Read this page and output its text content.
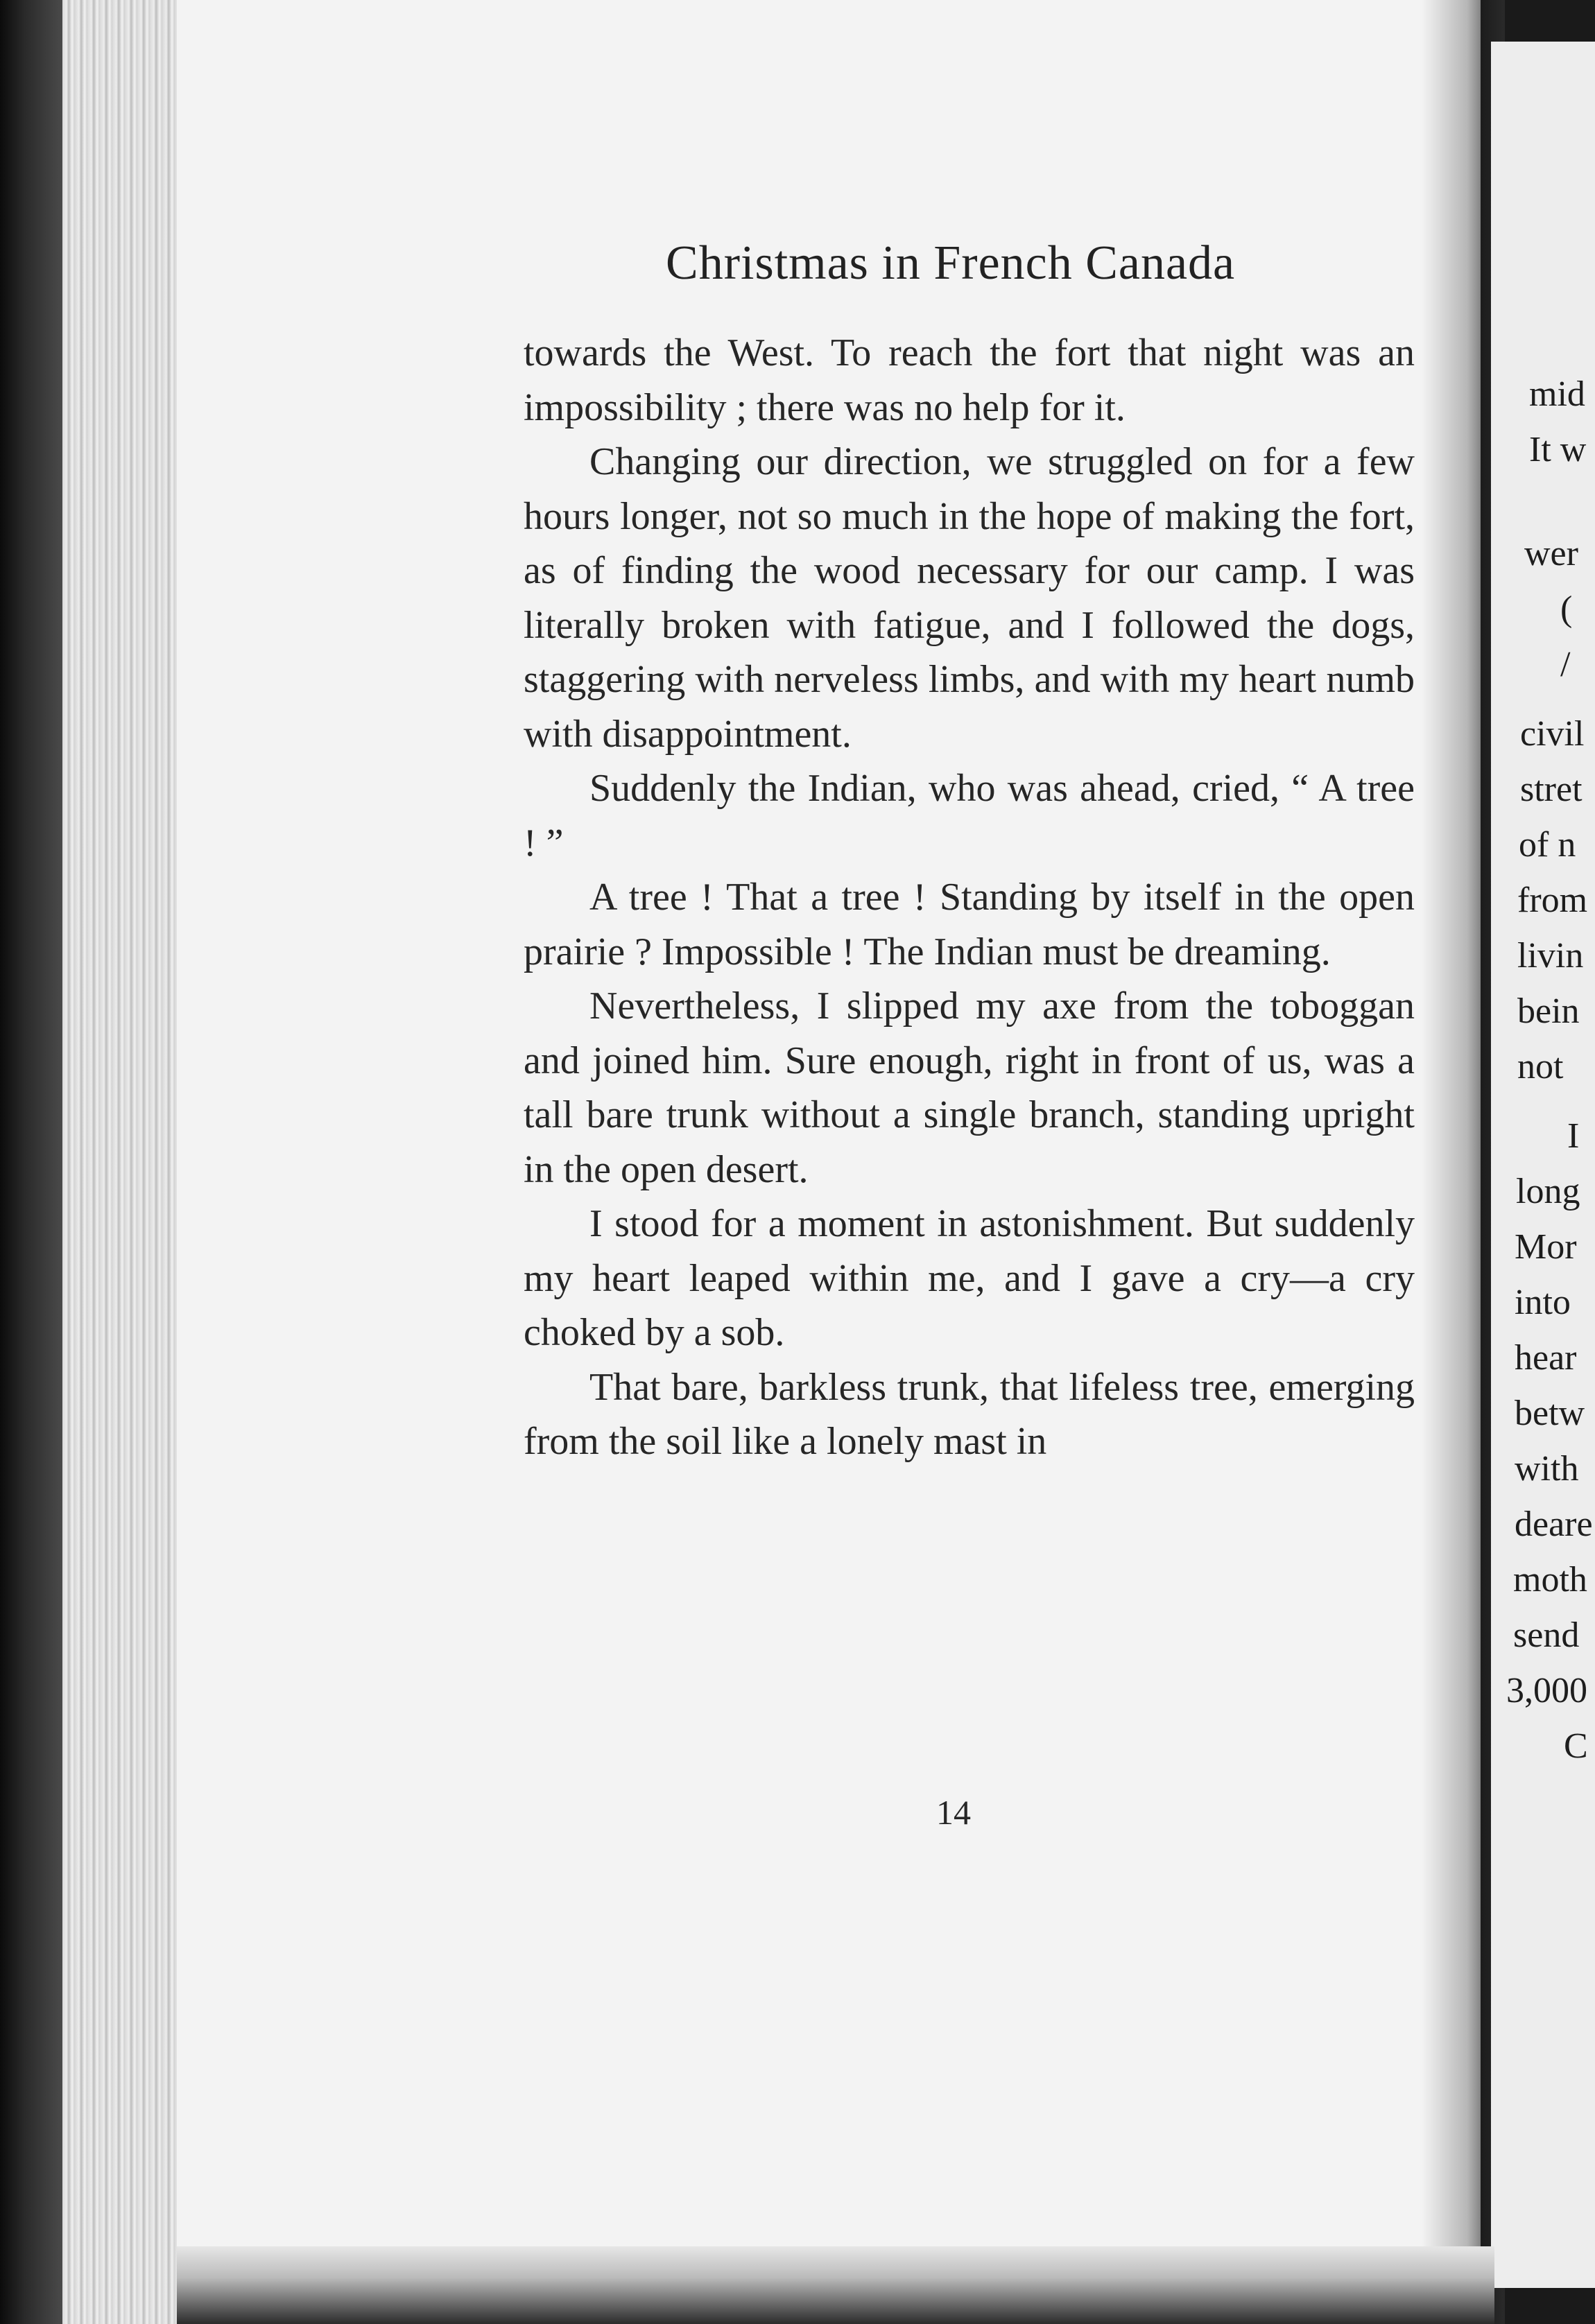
Christmas in French Canada

towards the West. To reach the fort that night was an impossibility ; there was no help for it.

Changing our direction, we struggled on for a few hours longer, not so much in the hope of making the fort, as of finding the wood necessary for our camp. I was literally broken with fatigue, and I followed the dogs, staggering with nerveless limbs, and with my heart numb with disappointment.

Suddenly the Indian, who was ahead, cried, “ A tree ! ”

A tree ! That a tree ! Standing by itself in the open prairie ? Impossible ! The Indian must be dreaming.

Nevertheless, I slipped my axe from the toboggan and joined him. Sure enough, right in front of us, was a tall bare trunk without a single branch, standing upright in the open desert.

I stood for a moment in astonishment. But suddenly my heart leaped within me, and I gave a cry—a cry choked by a sob.

That bare, barkless trunk, that lifeless tree, emerging from the soil like a lonely mast in

14
mid
It w
wer
(
/
civil
stret
of n
from
livin
bein
not
I
long
Mor
into
hear
betw
with
deare
moth
send
3,000
C
